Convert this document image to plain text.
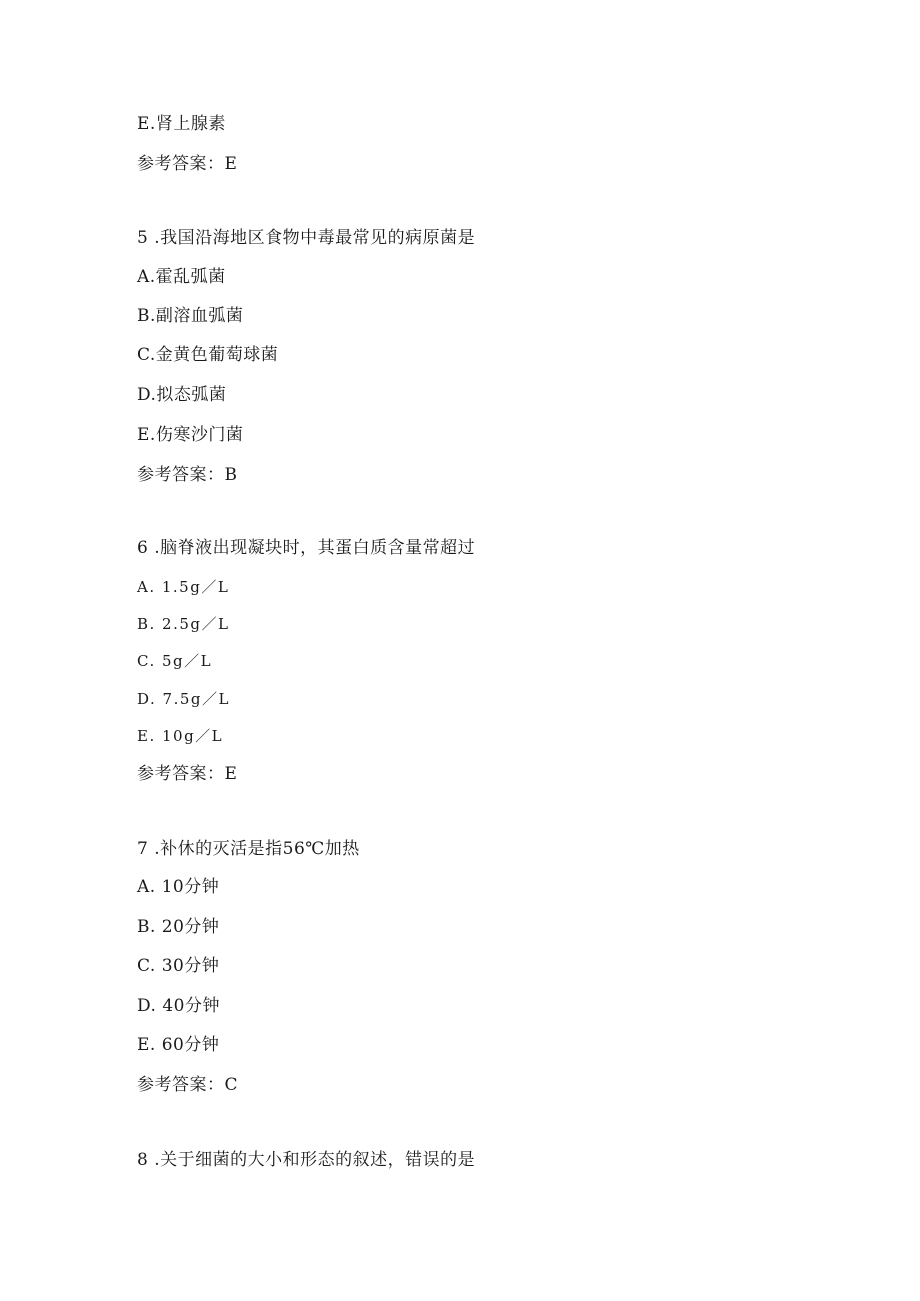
E.肾上腺素
参考答案：E
5 .我国沿海地区食物中毒最常见的病原菌是
A.霍乱弧菌
B.副溶血弧菌
C.金黄色葡萄球菌
D.拟态弧菌
E.伤寒沙门菌
参考答案：B
6 .脑脊液出现凝块时，其蛋白质含量常超过
A. 1.5g／L
B. 2.5g／L
C. 5g／L
D. 7.5g／L
E. 10g／L
参考答案：E
7 .补休的灭活是指56℃加热
A. 10分钟
B. 20分钟
C. 30分钟
D. 40分钟
E. 60分钟
参考答案：C
8 .关于细菌的大小和形态的叙述，错误的是
